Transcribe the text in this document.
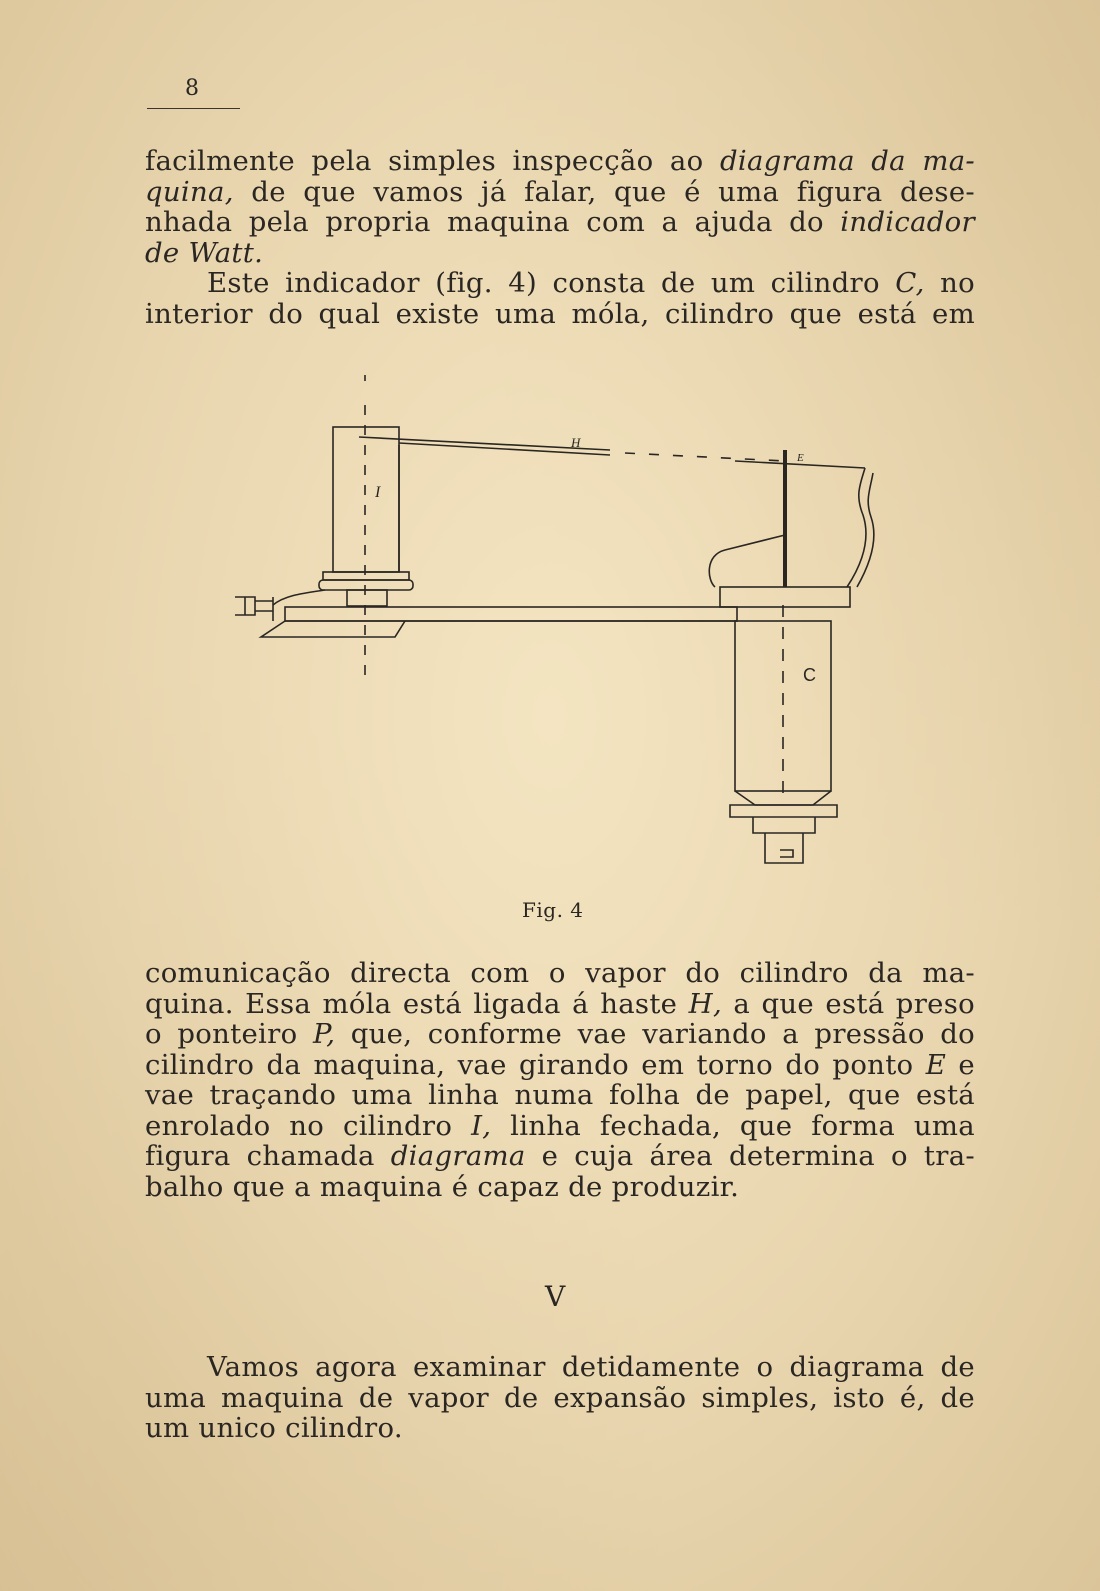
8

facilmente pela simples inspecção ao diagrama da ma-
quina, de que vamos já falar, que é uma figura dese-
nhada pela propria maquina com a ajuda do indicador
de Watt.

Este indicador (fig. 4) consta de um cilindro C, no
interior do qual existe uma móla, cilindro que está em

H
I
E
C
Fig. 4

comunicação directa com o vapor do cilindro da ma-
quina. Essa móla está ligada á haste H, a que está preso
o ponteiro P, que, conforme vae variando a pressão do
cilindro da maquina, vae girando em torno do ponto E e
vae traçando uma linha numa folha de papel, que está
enrolado no cilindro I, linha fechada, que forma uma
figura chamada diagrama e cuja área determina o tra-
balho que a maquina é capaz de produzir.

V

Vamos agora examinar detidamente o diagrama de
uma maquina de vapor de expansão simples, isto é, de
um unico cilindro.
